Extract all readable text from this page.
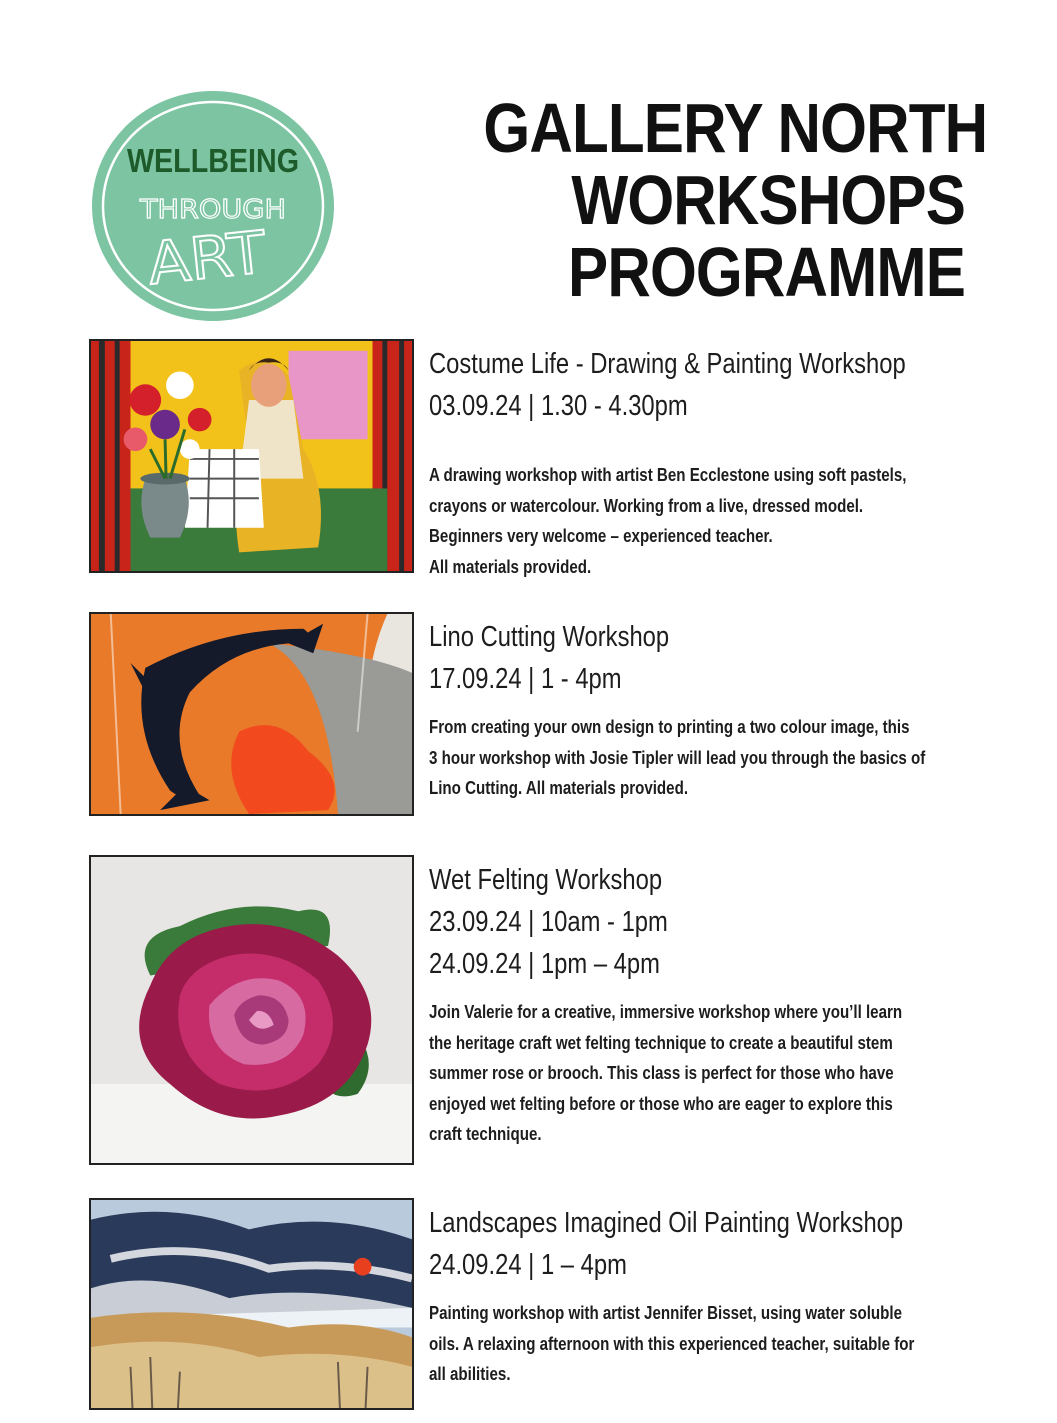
WELLBEING
THROUGH
ART
GALLERY NORTH
WORKSHOPS
PROGRAMME
Costume Life - Drawing & Painting Workshop
03.09.24 | 1.30 - 4.30pm
A drawing workshop with artist Ben Ecclestone using soft pastels,
crayons or watercolour. Working from a live, dressed model.
Beginners very welcome – experienced teacher.
All materials provided.
Lino Cutting Workshop
17.09.24 | 1 - 4pm
From creating your own design to printing a two colour image, this
3 hour workshop with Josie Tipler will lead you through the basics of
Lino Cutting. All materials provided.
Wet Felting Workshop
23.09.24 | 10am - 1pm
24.09.24 | 1pm – 4pm
Join Valerie for a creative, immersive workshop where you’ll learn
the heritage craft wet felting technique to create a beautiful stem
summer rose or brooch. This class is perfect for those who have
enjoyed wet felting before or those who are eager to explore this
craft technique.
Landscapes Imagined Oil Painting Workshop
24.09.24 | 1 – 4pm
Painting workshop with artist Jennifer Bisset, using water soluble
oils. A relaxing afternoon with this experienced teacher, suitable for
all abilities.
